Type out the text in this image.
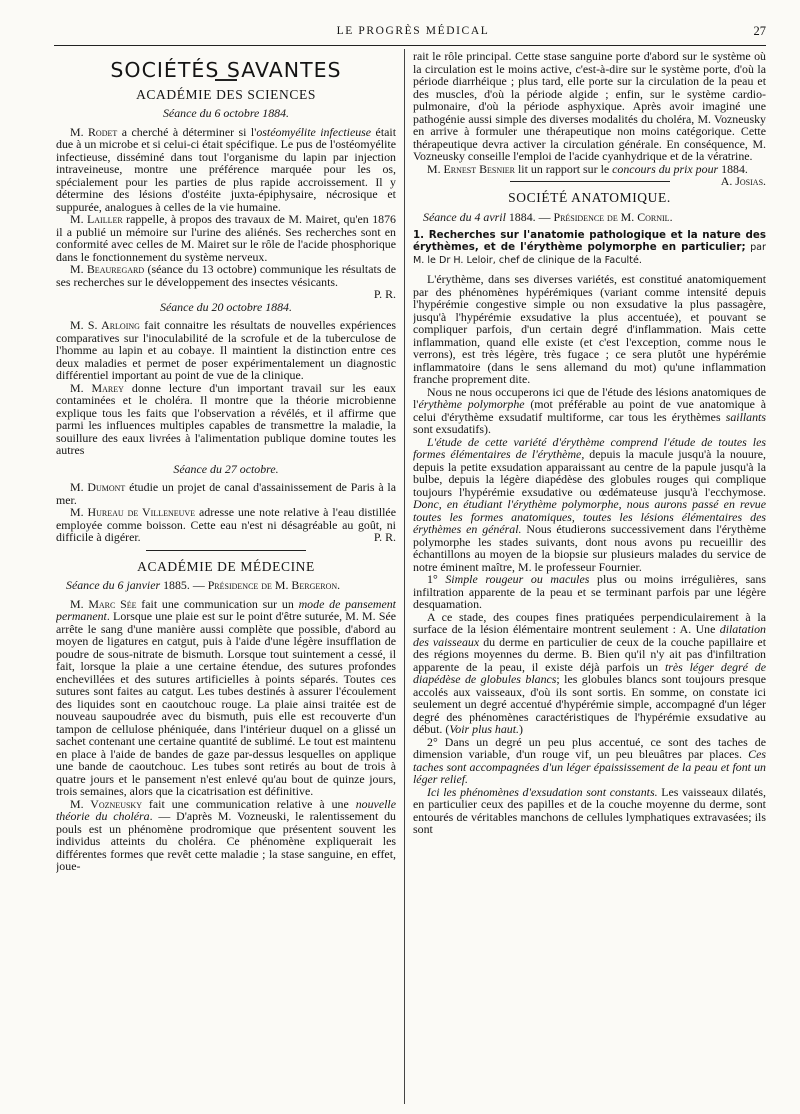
LE PROGRÈS MÉDICAL	27
SOCIÉTÉS SAVANTES
ACADÉMIE DES SCIENCES
Séance du 6 octobre 1884.

M. Rodet a cherché à déterminer si l'ostéomyélite infectieuse était due à un microbe et si celui-ci était spécifique. Le pus de l'ostéomyélite infectieuse, disséminé dans tout l'organisme du lapin par injection intraveineuse, montre une préférence marquée pour les os, spécialement pour les parties de plus rapide accroissement. Il y détermine des lésions d'ostéite juxta-épiphysaire, nécrosique et suppurée, analogues à celles de la vie humaine.

M. Lailler rappelle, à propos des travaux de M. Mairet, qu'en 1876 il a publié un mémoire sur l'urine des aliénés. Ses recherches sont en conformité avec celles de M. Mairet sur le rôle de l'acide phosphorique dans le fonctionnement du système nerveux.

M. Beauregard (séance du 13 octobre) communique les résultats de ses recherches sur le développement des insectes vésicants.

P. R.

Séance du 20 octobre 1884.

M. S. Arloing fait connaitre les résultats de nouvelles expériences comparatives sur l'inoculabilité de la scrofule et de la tuberculose de l'homme au lapin et au cobaye. Il maintient la distinction entre ces deux maladies et permet de poser expérimentalement un diagnostic différentiel important au point de vue de la clinique.

M. Marey donne lecture d'un important travail sur les eaux contaminées et le choléra. Il montre que la théorie microbienne explique tous les faits que l'observation a révélés, et il affirme que parmi les influences multiples capables de transmettre la maladie, la souillure des eaux livrées à l'alimentation publique domine toutes les autres

Séance du 27 octobre.

M. Dumont étudie un projet de canal d'assainissement de Paris à la mer.

M. Hureau de Villeneuve adresse une note relative à l'eau distillée employée comme boisson. Cette eau n'est ni désagréable au goût, ni difficile à digérer.	P. R.

ACADÉMIE DE MÉDECINE
Séance du 6 janvier 1885. — Présidence de M. Bergeron.

M. Marc Sée fait une communication sur un mode de pansement permanent. Lorsque une plaie est sur le point d'être suturée, M. M. Sée arrête le sang d'une manière aussi complète que possible, d'abord au moyen de ligatures en catgut, puis à l'aide d'une légère insufflation de poudre de sous-nitrate de bismuth. Lorsque tout suintement a cessé, il fait, lorsque la plaie a une certaine étendue, des sutures profondes enchevillées et des sutures artificielles à points séparés. Toutes ces sutures sont faites au catgut. Les tubes destinés à assurer l'écoulement des liquides sont en caoutchouc rouge. La plaie ainsi traitée est de nouveau saupoudrée avec du bismuth, puis elle est recouverte d'un tampon de cellulose phéniquée, dans l'intérieur duquel on a glissé un sachet contenant une certaine quantité de sublimé. Le tout est maintenu en place à l'aide de bandes de gaze par-dessus lesquelles on applique une bande de caoutchouc. Les tubes sont retirés au bout de trois à quatre jours et le pansement n'est enlevé qu'au bout de quinze jours, trois semaines, alors que la cicatrisation est définitive.

M. Vozneusky fait une communication relative à une nouvelle théorie du choléra. — D'après M. Vozneuski, le ralentissement du pouls est un phénomène prodromique que présentent souvent les individus atteints du choléra. Ce phénomène expliquerait les différentes formes que revêt cette maladie ; la stase sanguine, en effet, joue-

rait le rôle principal. Cette stase sanguine porte d'abord sur le système où la circulation est le moins active, c'est-à-dire sur le système porte, d'où la période diarrhéique ; plus tard, elle porte sur la circulation de la peau et des muscles, d'où la période algide ; enfin, sur le système cardio-pulmonaire, d'où la période asphyxique. Après avoir imaginé une pathogénie aussi simple des diverses modalités du choléra, M. Vozneusky en arrive à formuler une thérapeutique non moins catégorique. Cette thérapeutique devra activer la circulation générale. En conséquence, M. Vozneusky conseille l'emploi de l'acide cyanhydrique et de la vératrine.

M. Ernest Besnier lit un rapport sur le concours du prix pour 1884.
A. Josias.

SOCIÉTÉ ANATOMIQUE.
Séance du 4 avril 1884. — Présidence de M. Cornil.
1. Recherches sur l'anatomie pathologique et la nature des érythèmes, et de l'érythème polymorphe en particulier; par M. le Dr H. Leloir, chef de clinique de la Faculté.

L'érythème, dans ses diverses variétés, est constitué anatomiquement par des phénomènes hypérémiques (variant comme intensité depuis l'hypérémie congestive simple ou non exsudative la plus passagère, jusqu'à l'hypérémie exsudative la plus accentuée), et pouvant se compliquer parfois, d'un certain degré d'inflammation. Mais cette inflammation, quand elle existe (et c'est l'exception, comme nous le verrons), est très légère, très fugace ; ce sera plutôt une hypérémie inflammatoire (dans le sens allemand du mot) qu'une inflammation franche proprement dite.

Nous ne nous occuperons ici que de l'étude des lésions anatomiques de l'érythème polymorphe (mot préférable au point de vue anatomique à celui d'érythème exsudatif multiforme, car tous les érythèmes saillants sont exsudatifs).

L'étude de cette variété d'érythème comprend l'étude de toutes les formes élémentaires de l'érythème, depuis la macule jusqu'à la nouure, depuis la petite exsudation apparaissant au centre de la papule jusqu'à la bulbe, depuis la légère diapédèse des globules rouges qui complique toujours l'hypérémie exsudative ou œdémateuse jusqu'à l'ecchymose. Donc, en étudiant l'érythème polymorphe, nous aurons passé en revue toutes les formes anatomiques, toutes les lésions élémentaires des érythèmes en général. Nous étudierons successivement dans l'érythème polymorphe les stades suivants, dont nous avons pu recueillir des échantillons au moyen de la biopsie sur plusieurs malades du service de notre éminent maître, M. le professeur Fournier.

1° Simple rougeur ou macules plus ou moins irrégulières, sans infiltration apparente de la peau et se terminant parfois par une légère desquamation.

A ce stade, des coupes fines pratiquées perpendiculairement à la surface de la lésion élémentaire montrent seulement : A. Une dilatation des vaisseaux du derme en particulier de ceux de la couche papillaire et des régions moyennes du derme. B. Bien qu'il n'y ait pas d'infiltration apparente de la peau, il existe déjà parfois un très léger degré de diapédèse de globules blancs; les globules blancs sont toujours presque accolés aux vaisseaux, d'où ils sont sortis. En somme, on constate ici seulement un degré accentué d'hypérémie simple, accompagné d'un léger degré des phénomènes caractéristiques de l'hypérémie exsudative au début. (Voir plus haut.)

2° Dans un degré un peu plus accentué, ce sont des taches de dimension variable, d'un rouge vif, un peu bleuâtres par places. Ces taches sont accompagnées d'un léger épaississement de la peau et font un léger relief.

Ici les phénomènes d'exsudation sont constants. Les vaisseaux dilatés, en particulier ceux des papilles et de la couche moyenne du derme, sont entourés de véritables manchons de cellules lymphatiques extravasées; ils sont
